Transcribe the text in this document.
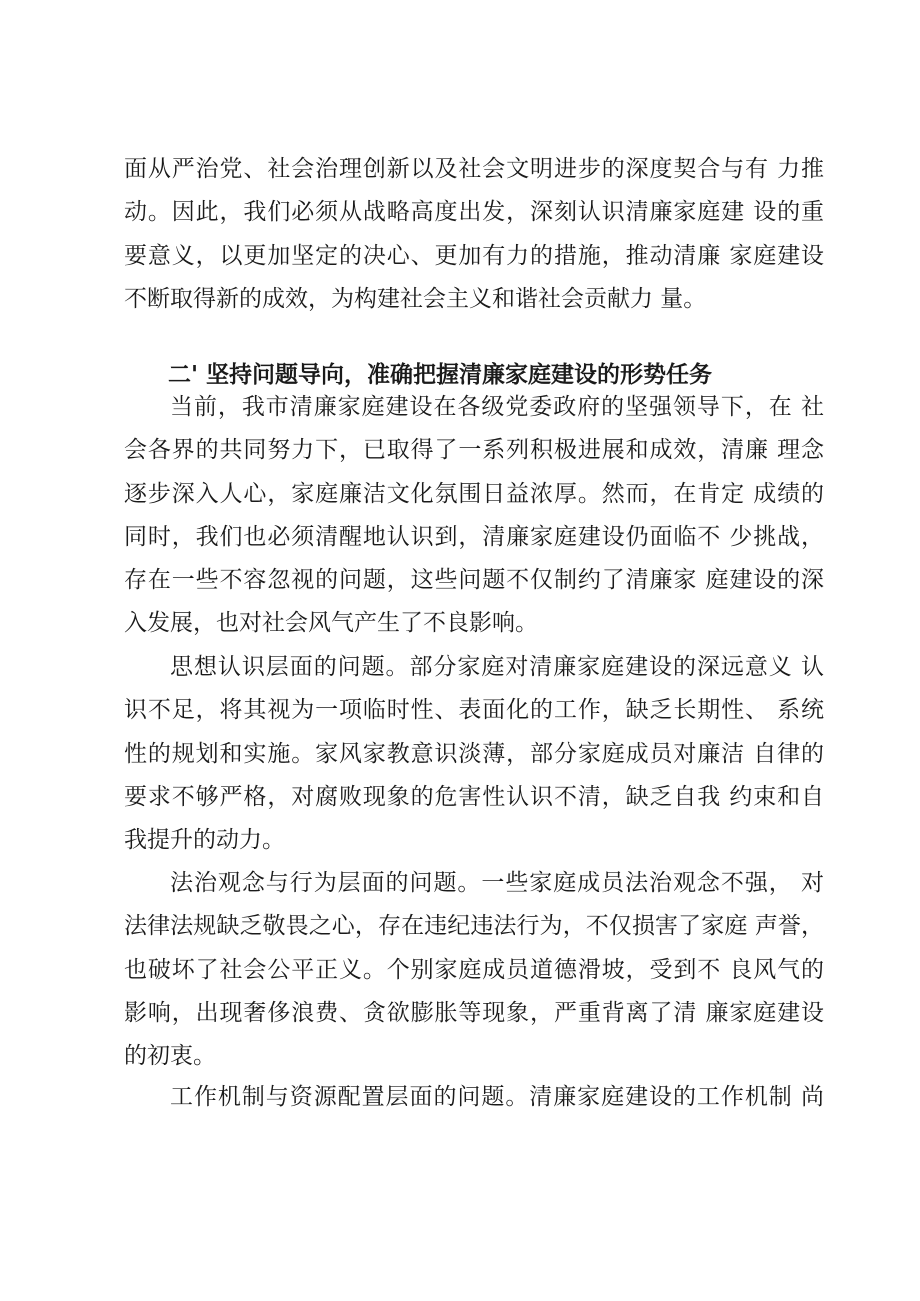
面从严治党、社会治理创新以及社会文明进步的深度契合与有 力推
动。因此，我们必须从战略高度出发，深刻认识清廉家庭建 设的重
要意义，以更加坚定的决心、更加有力的措施，推动清廉 家庭建设
不断取得新的成效，为构建社会主义和谐社会贡献力 量。
二' 坚持问题导向，准确把握清廉家庭建设的形势任务
当前，我市清廉家庭建设在各级党委政府的坚强领导下，在 社
会各界的共同努力下，已取得了一系列积极进展和成效，清廉 理念
逐步深入人心，家庭廉洁文化氛围日益浓厚。然而，在肯定 成绩的
同时，我们也必须清醒地认识到，清廉家庭建设仍面临不 少挑战，
存在一些不容忽视的问题，这些问题不仅制约了清廉家 庭建设的深
入发展，也对社会风气产生了不良影响。
思想认识层面的问题。部分家庭对清廉家庭建设的深远意义 认
识不足，将其视为一项临时性、表面化的工作，缺乏长期性、 系统
性的规划和实施。家风家教意识淡薄，部分家庭成员对廉洁 自律的
要求不够严格，对腐败现象的危害性认识不清，缺乏自我 约束和自
我提升的动力。
法治观念与行为层面的问题。一些家庭成员法治观念不强， 对
法律法规缺乏敬畏之心，存在违纪违法行为，不仅损害了家庭 声誉，
也破坏了社会公平正义。个别家庭成员道德滑坡，受到不 良风气的
影响，出现奢侈浪费、贪欲膨胀等现象，严重背离了清 廉家庭建设
的初衷。
工作机制与资源配置层面的问题。清廉家庭建设的工作机制 尚
